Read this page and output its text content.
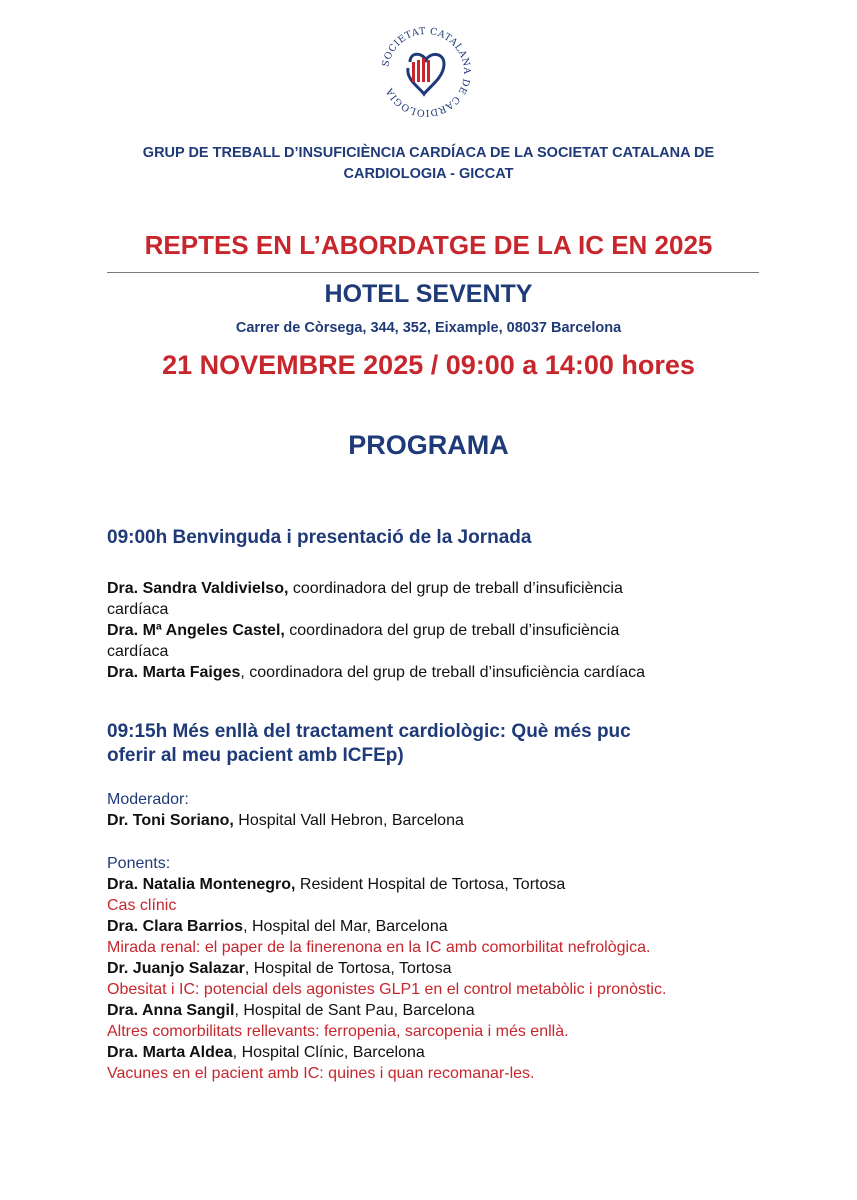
SOCIETAT CATALANA DE CARDIOLOGIA
GRUP DE TREBALL D’INSUFICIÈNCIA CARDÍACA DE LA SOCIETAT CATALANA DE
CARDIOLOGIA - GICCAT
REPTES EN L’ABORDATGE DE LA IC EN 2025
HOTEL SEVENTY
Carrer de Còrsega, 344, 352, Eixample, 08037 Barcelona
21 NOVEMBRE 2025 / 09:00 a 14:00 hores
PROGRAMA
09:00h Benvinguda i presentació de la Jornada
Dra. Sandra Valdivielso, coordinadora del grup de treball d’insuficiència
cardíaca
Dra. Mª Angeles Castel, coordinadora del grup de treball d’insuficiència
cardíaca
Dra. Marta Faiges, coordinadora del grup de treball d’insuficiència cardíaca
09:15h Més enllà del tractament cardiològic: Què més puc
oferir al meu pacient amb ICFEp)
Moderador:
Dr. Toni Soriano, Hospital Vall Hebron, Barcelona
Ponents:
Dra. Natalia Montenegro, Resident Hospital de Tortosa, Tortosa
Cas clínic
Dra. Clara Barrios, Hospital del Mar, Barcelona
Mirada renal: el paper de la finerenona en la IC amb comorbilitat nefrològica.
Dr. Juanjo Salazar, Hospital de Tortosa, Tortosa
Obesitat i IC: potencial dels agonistes GLP1 en el control metabòlic i pronòstic.
Dra. Anna Sangil, Hospital de Sant Pau, Barcelona
Altres comorbilitats rellevants: ferropenia, sarcopenia i més enllà.
Dra. Marta Aldea, Hospital Clínic, Barcelona
Vacunes en el pacient amb IC: quines i quan recomanar-les.
